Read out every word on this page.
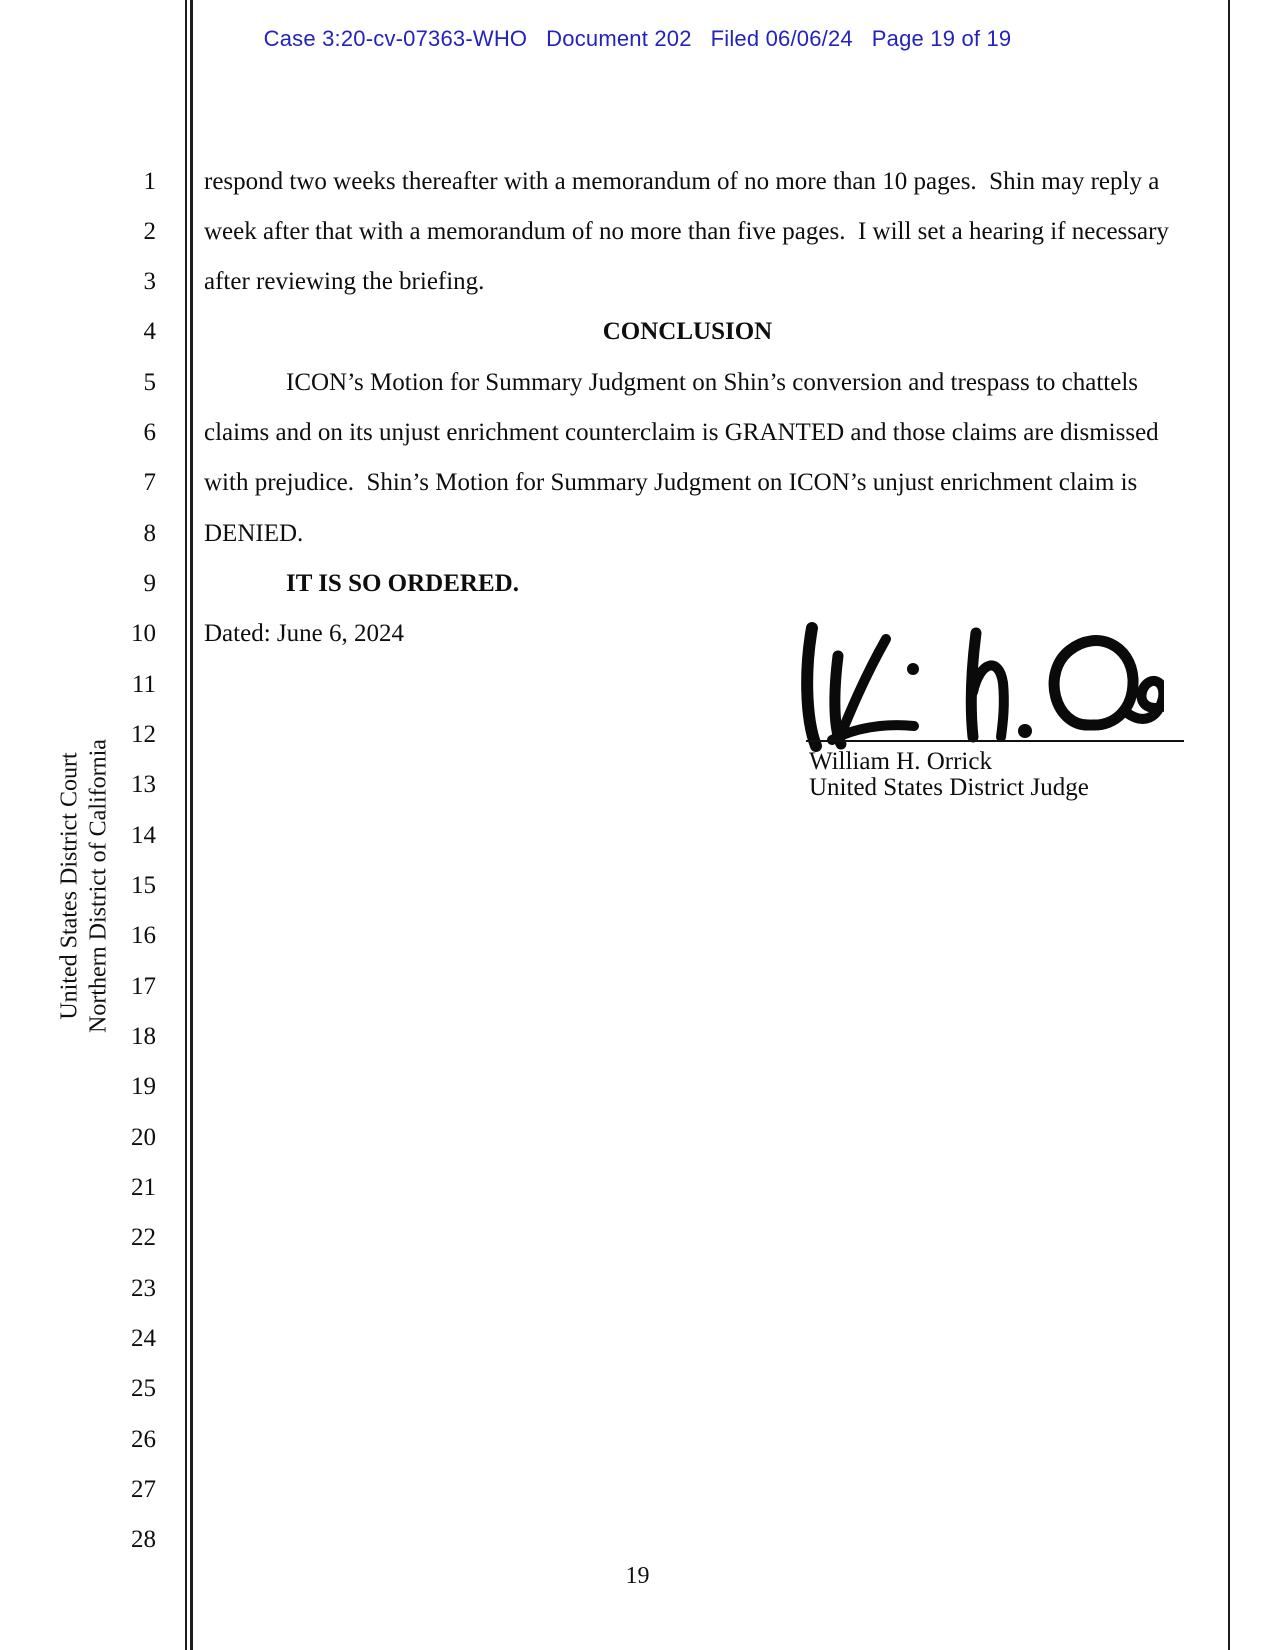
Case 3:20-cv-07363-WHO   Document 202   Filed 06/06/24   Page 19 of 19
United States District Court Northern District of California
1
2
3
4
5
6
7
8
9
10
11
12
13
14
15
16
17
18
19
20
21
22
23
24
25
26
27
28
respond two weeks thereafter with a memorandum of no more than 10 pages.  Shin may reply a
week after that with a memorandum of no more than five pages.  I will set a hearing if necessary
after reviewing the briefing.
CONCLUSION
ICON’s Motion for Summary Judgment on Shin’s conversion and trespass to chattels
claims and on its unjust enrichment counterclaim is GRANTED and those claims are dismissed
with prejudice.  Shin’s Motion for Summary Judgment on ICON’s unjust enrichment claim is
DENIED.
IT IS SO ORDERED.
Dated: June 6, 2024
William H. Orrick
United States District Judge
19
